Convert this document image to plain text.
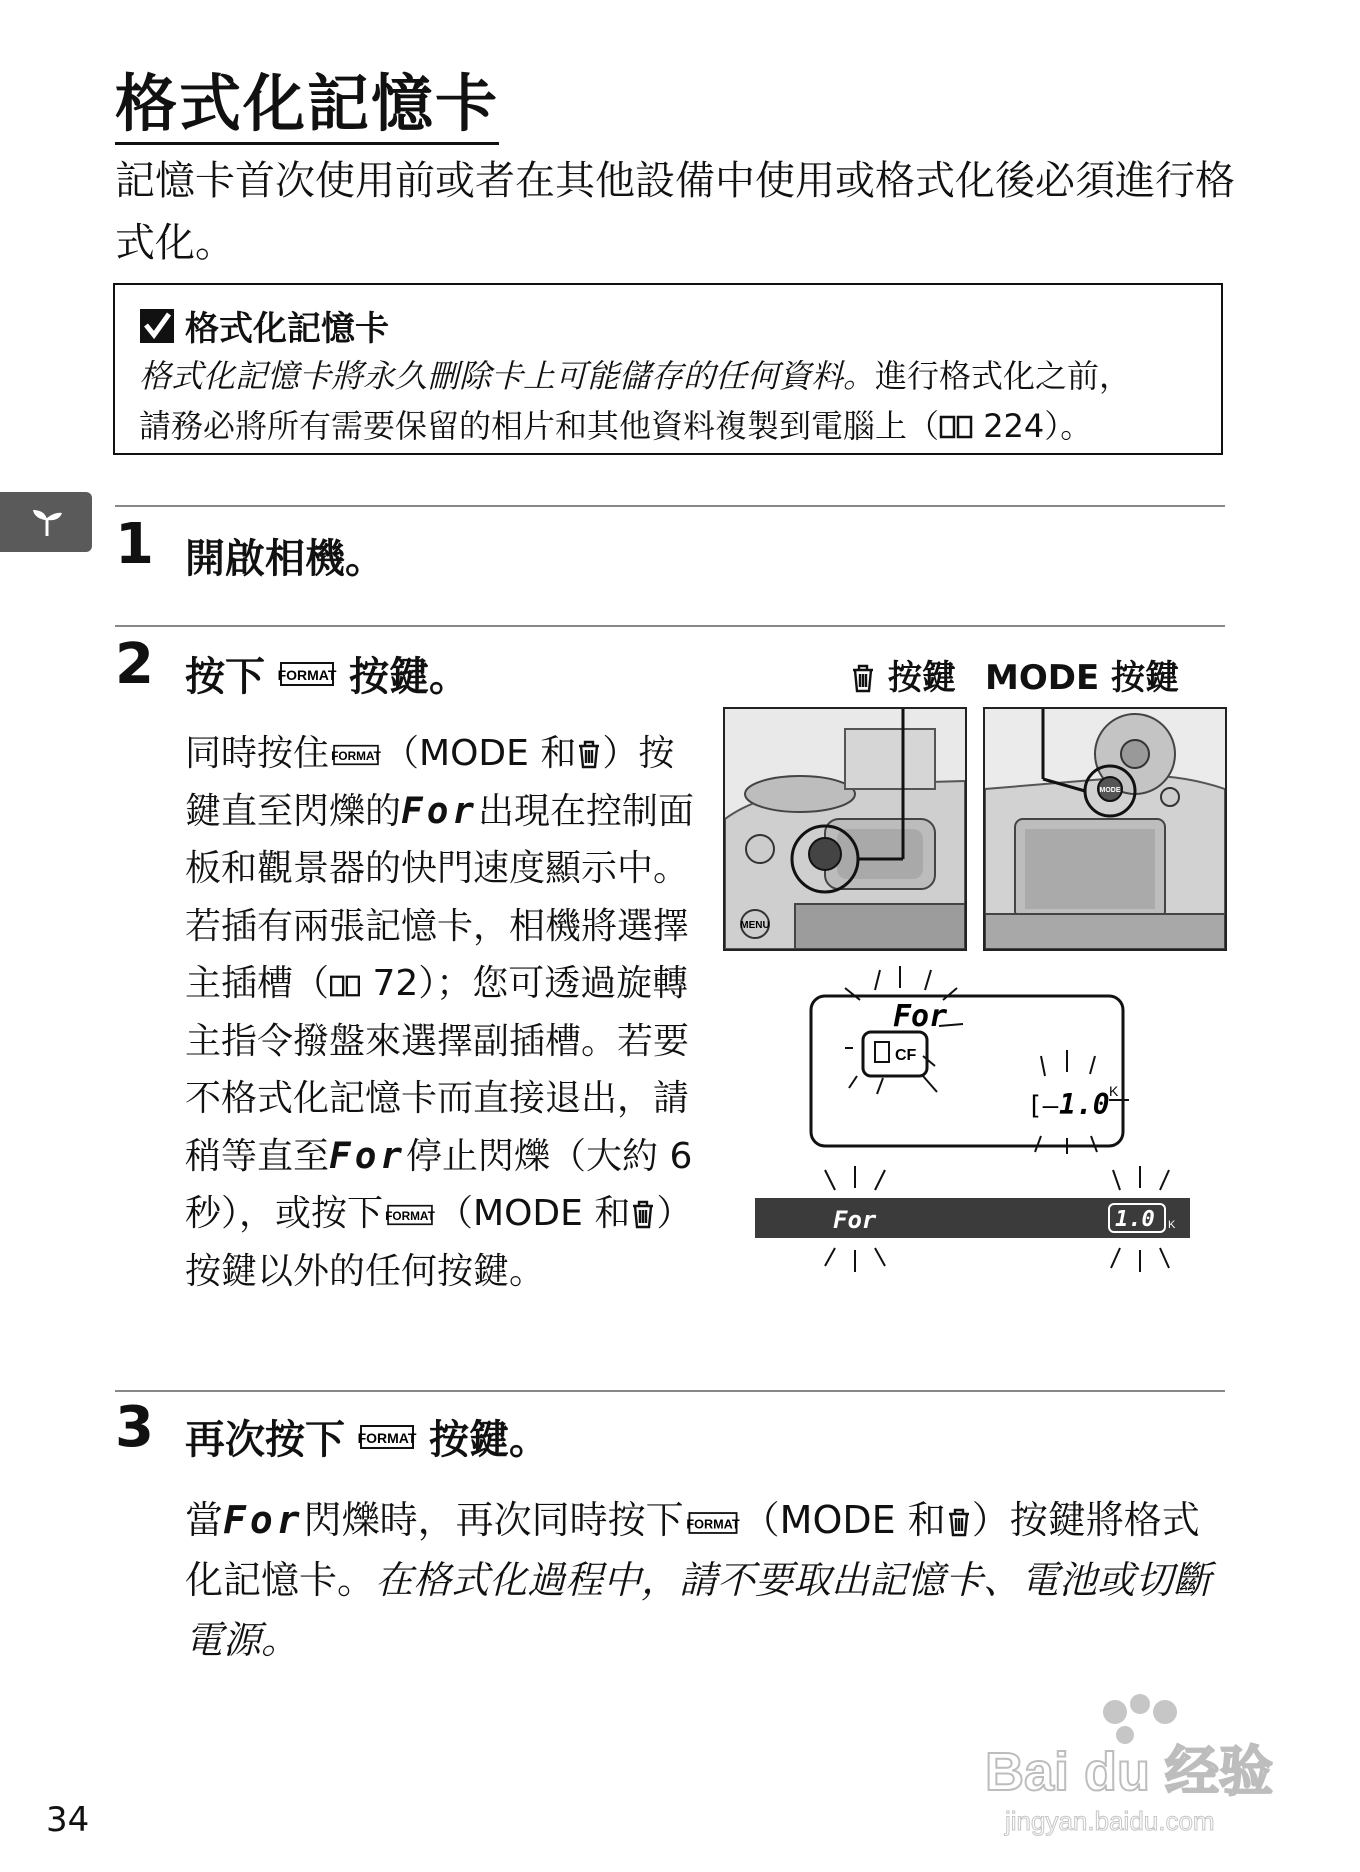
格式化記憶卡
記憶卡首次使用前或者在其他設備中使用或格式化後必須進行格式化。
格式化記憶卡
格式化記憶卡將永久刪除卡上可能儲存的任何資料。進行格式化之前，
請務必將所有需要保留的相片和其他資料複製到電腦上（ 224）。
1 開啟相機。
2 按下 FORMAT 按鍵。
同時按住 FORMAT （MODE 和 ）按鍵直至閃爍的For出現在控制面板和觀景器的快門速度顯示中。若插有兩張記憶卡，相機將選擇主插槽（ 72）；您可透過旋轉主指令撥盤來選擇副插槽。若要不格式化記憶卡而直接退出，請稍等直至For停止閃爍（大約 6 秒），或按下 FORMAT （MODE 和 ）按鍵以外的任何按鍵。
按鍵 MODE 按鍵
MENU
MODE
For
CF
[– 1.0 K
For	1.0 K
3 再次按下 FORMAT 按鍵。
當For閃爍時，再次同時按下 FORMAT （MODE 和 ）按鍵將格式化記憶卡。在格式化過程中，請不要取出記憶卡、電池或切斷電源。
Bai du 经验
jingyan.baidu.com
34
